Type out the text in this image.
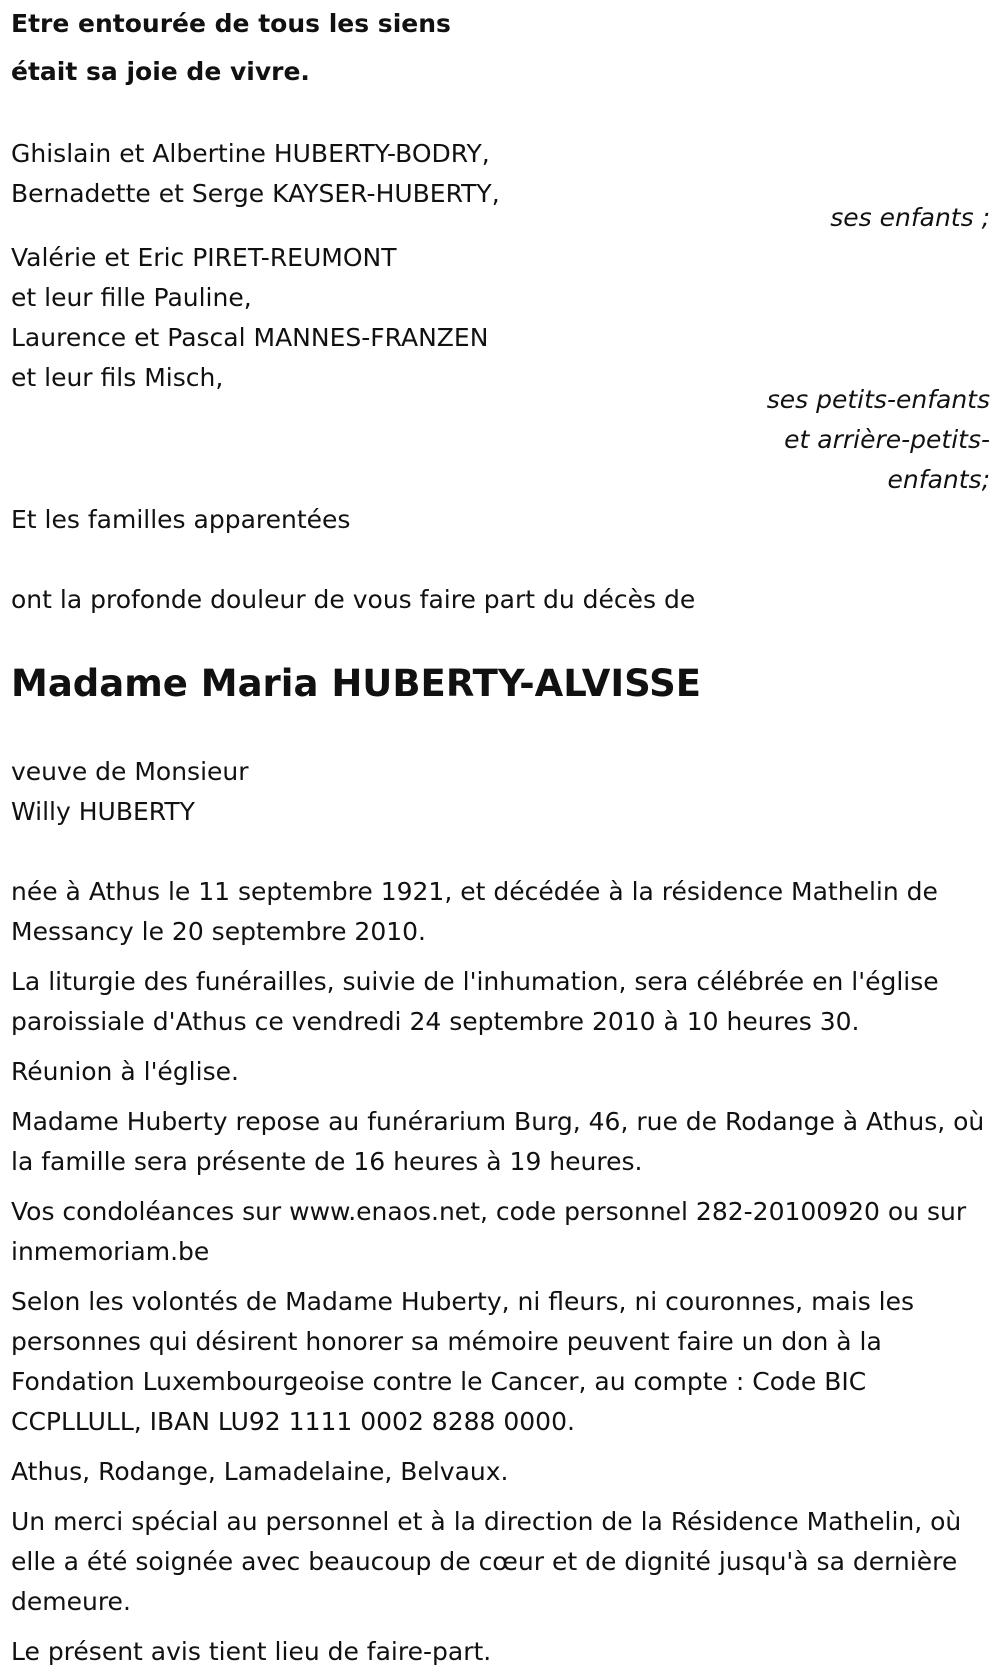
Etre entourée de tous les siens
était sa joie de vivre.
Ghislain et Albertine HUBERTY-BODRY,
Bernadette et Serge KAYSER-HUBERTY,
ses enfants ;
Valérie et Eric PIRET-REUMONT
et leur fille Pauline,
Laurence et Pascal MANNES-FRANZEN
et leur fils Misch,
ses petits-enfants
et arrière-petits-
enfants;
Et les familles apparentées
ont la profonde douleur de vous faire part du décès de
Madame Maria HUBERTY-ALVISSE
veuve de Monsieur
Willy HUBERTY
née à Athus le 11 septembre 1921, et décédée à la résidence Mathelin de Messancy le 20 septembre 2010.
La liturgie des funérailles, suivie de l'inhumation, sera célébrée en l'église paroissiale d'Athus ce vendredi 24 septembre 2010 à 10 heures 30.
Réunion à l'église.
Madame Huberty repose au funérarium Burg, 46, rue de Rodange à Athus, où la famille sera présente de 16 heures à 19 heures.
Vos condoléances sur www.enaos.net, code personnel 282-20100920 ou sur inmemoriam.be
Selon les volontés de Madame Huberty, ni fleurs, ni couronnes, mais les personnes qui désirent honorer sa mémoire peuvent faire un don à la Fondation Luxembourgeoise contre le Cancer, au compte : Code BIC CCPLLULL, IBAN LU92 1111 0002 8288 0000.
Athus, Rodange, Lamadelaine, Belvaux.
Un merci spécial au personnel et à la direction de la Résidence Mathelin, où elle a été soignée avec beaucoup de cœur et de dignité jusqu'à sa dernière demeure.
Le présent avis tient lieu de faire-part.
